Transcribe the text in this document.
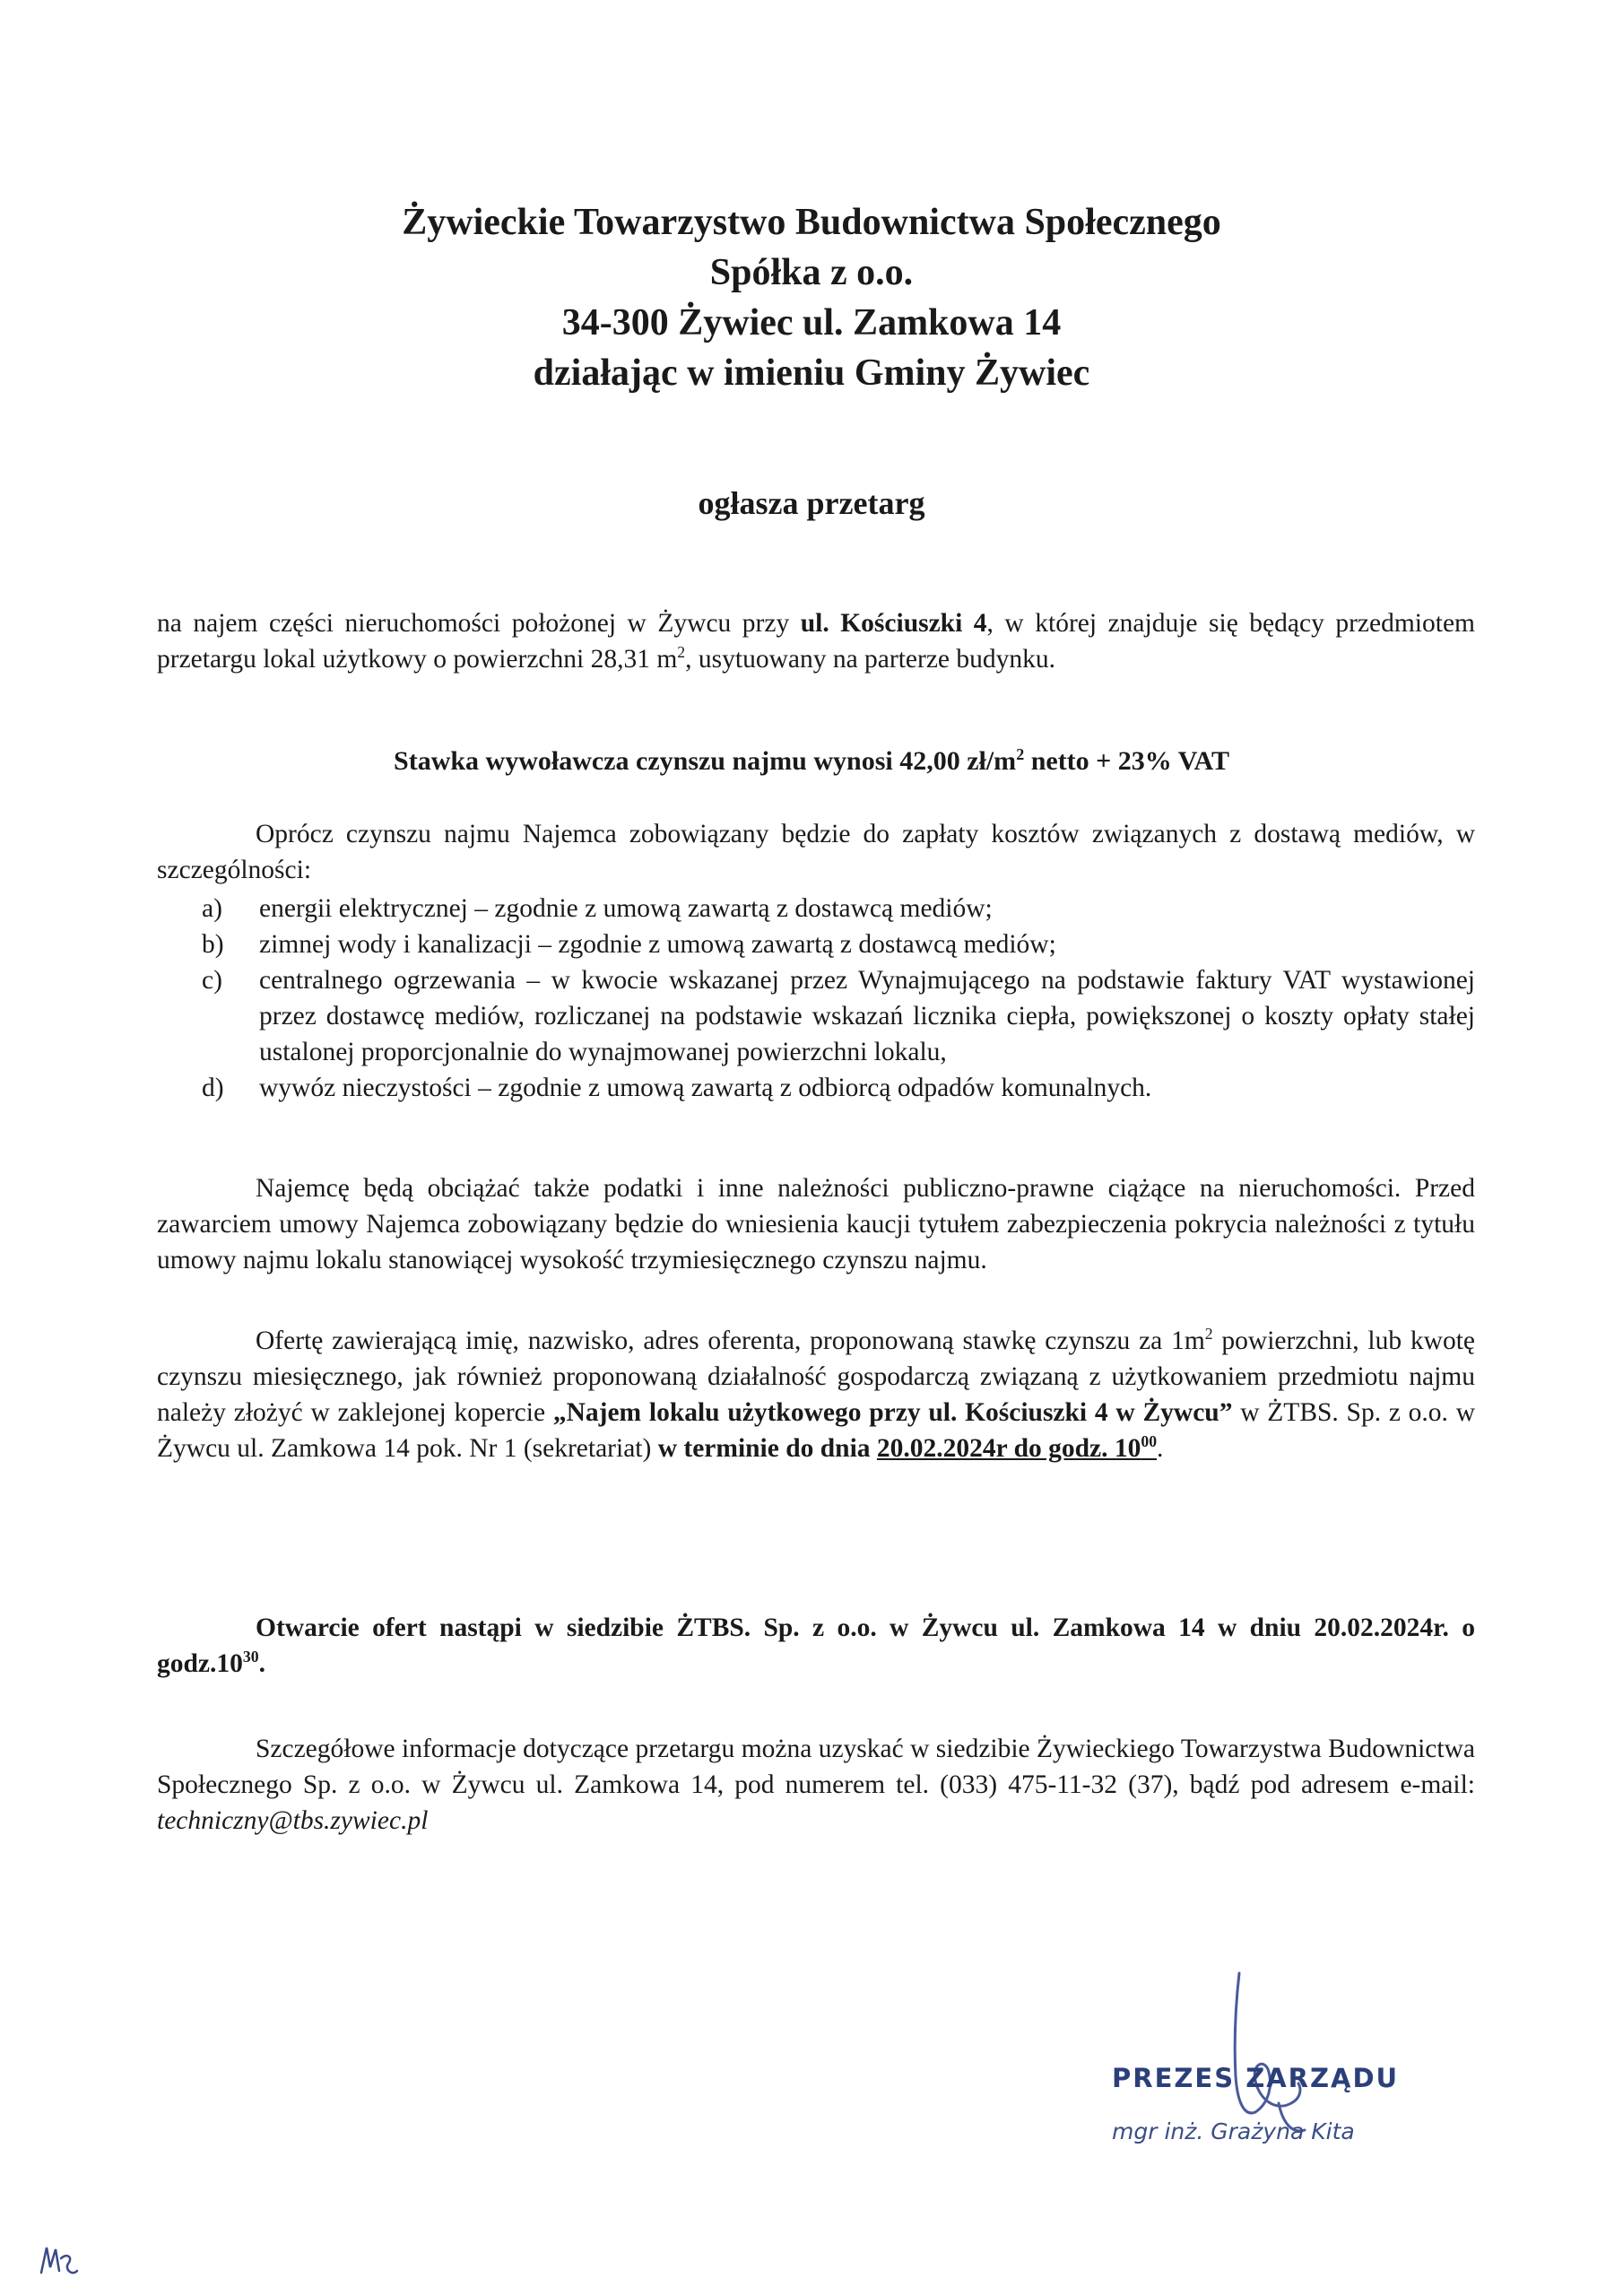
Żywieckie Towarzystwo Budownictwa Społecznego
Spółka z o.o.
34-300 Żywiec ul. Zamkowa 14
działając w imieniu Gminy Żywiec
ogłasza przetarg
na najem części nieruchomości położonej w Żywcu przy ul. Kościuszki 4, w której znajduje się będący przedmiotem przetargu lokal użytkowy o powierzchni 28,31 $m^2$, usytuowany na parterze budynku.
Stawka wywoławcza czynszu najmu wynosi 42,00 $zł/m^2$ netto + 23% VAT
Oprócz czynszu najmu Najemca zobowiązany będzie do zapłaty kosztów związanych z dostawą mediów, w szczególności:
a)	energii elektrycznej – zgodnie z umową zawartą z dostawcą mediów;
b)	zimnej wody i kanalizacji – zgodnie z umową zawartą z dostawcą mediów;
c)	centralnego ogrzewania – w kwocie wskazanej przez Wynajmującego na podstawie faktury VAT wystawionej przez dostawcę mediów, rozliczanej na podstawie wskazań licznika ciepła, powiększonej o koszty opłaty stałej ustalonej proporcjonalnie do wynajmowanej powierzchni lokalu,
d)	wywóz nieczystości – zgodnie z umową zawartą z odbiorcą odpadów komunalnych.
Najemcę będą obciążać także podatki i inne należności publiczno-prawne ciążące na nieruchomości. Przed zawarciem umowy Najemca zobowiązany będzie do wniesienia kaucji tytułem zabezpieczenia pokrycia należności z tytułu umowy najmu lokalu stanowiącej wysokość trzymiesięcznego czynszu najmu.
Ofertę zawierającą imię, nazwisko, adres oferenta, proponowaną stawkę czynszu za $1m^2$ powierzchni, lub kwotę czynszu miesięcznego, jak również proponowaną działalność gospodarczą związaną z użytkowaniem przedmiotu najmu należy złożyć w zaklejonej kopercie „Najem lokalu użytkowego przy ul. Kościuszki 4 w Żywcu” w ŻTBS. Sp. z o.o. w Żywcu ul. Zamkowa 14 pok. Nr 1 (sekretariat) w terminie do dnia 20.02.2024r do godz. $10^{00}$.
Otwarcie ofert nastąpi w siedzibie ŻTBS. Sp. z o.o. w Żywcu ul. Zamkowa 14 w dniu 20.02.2024r. o $godz.10^{30}$.
Szczegółowe informacje dotyczące przetargu można uzyskać w siedzibie Żywieckiego Towarzystwa Budownictwa Społecznego Sp. z o.o. w Żywcu ul. Zamkowa 14, pod numerem tel. (033) 475-11-32 (37), bądź pod adresem e-mail: techniczny@tbs.zywiec.pl
PREZES ZARZĄDU
mgr inż. Grażyna Kita
